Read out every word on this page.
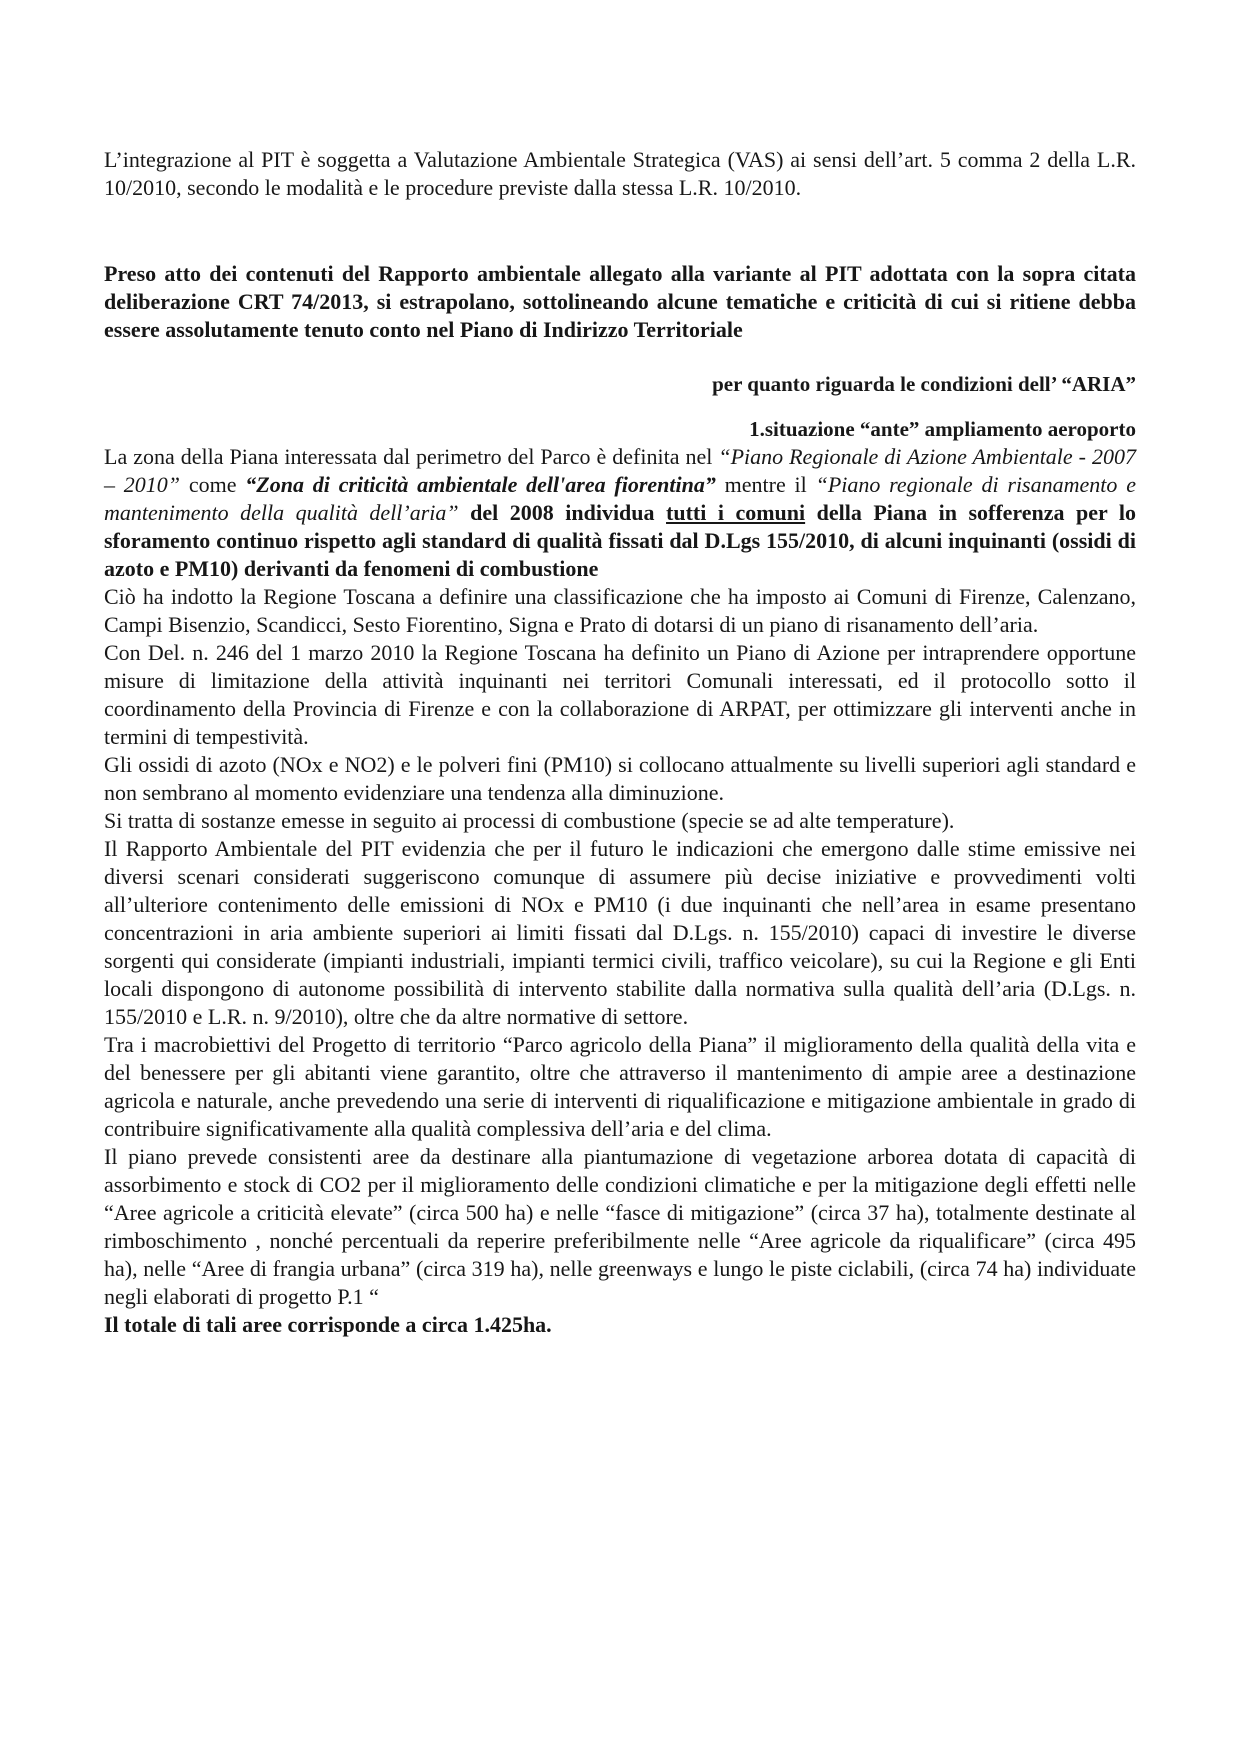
L’integrazione al PIT è soggetta a Valutazione Ambientale Strategica (VAS) ai sensi dell’art. 5 comma 2 della L.R. 10/2010, secondo le modalità e le procedure previste dalla stessa L.R. 10/2010.

Preso atto dei contenuti del Rapporto ambientale allegato alla variante al PIT adottata con la sopra citata deliberazione CRT 74/2013, si estrapolano, sottolineando alcune tematiche e criticità di cui si ritiene debba essere assolutamente tenuto conto nel Piano di Indirizzo Territoriale

per quanto riguarda le condizioni dell’ “ARIA”

1.situazione “ante” ampliamento aeroporto

La zona della Piana interessata dal perimetro del Parco è definita nel “Piano Regionale di Azione Ambientale - 2007 – 2010” come “Zona di criticità ambientale dell'area fiorentina” mentre il “Piano regionale di risanamento e mantenimento della qualità dell’aria” del 2008 individua tutti i comuni della Piana in sofferenza per lo sforamento continuo rispetto agli standard di qualità fissati dal D.Lgs 155/2010, di alcuni inquinanti (ossidi di azoto e PM10) derivanti da fenomeni di combustione

Ciò ha indotto la Regione Toscana a definire una classificazione che ha imposto ai Comuni di Firenze, Calenzano, Campi Bisenzio, Scandicci, Sesto Fiorentino, Signa e Prato di dotarsi di un piano di risanamento dell’aria.

Con Del. n. 246 del 1 marzo 2010 la Regione Toscana ha definito un Piano di Azione per intraprendere opportune misure di limitazione della attività inquinanti nei territori Comunali interessati, ed il protocollo sotto il coordinamento della Provincia di Firenze e con la collaborazione di ARPAT, per ottimizzare gli interventi anche in termini di tempestività.

Gli ossidi di azoto (NOx e NO2) e le polveri fini (PM10) si collocano attualmente su livelli superiori agli standard e non sembrano al momento evidenziare una tendenza alla diminuzione.

Si tratta di sostanze emesse in seguito ai processi di combustione (specie se ad alte temperature).

Il Rapporto Ambientale del PIT evidenzia che per il futuro le indicazioni che emergono dalle stime emissive nei diversi scenari considerati suggeriscono comunque di assumere più decise iniziative e provvedimenti volti all’ulteriore contenimento delle emissioni di NOx e PM10 (i due inquinanti che nell’area in esame presentano concentrazioni in aria ambiente superiori ai limiti fissati dal D.Lgs. n. 155/2010) capaci di investire le diverse sorgenti qui considerate (impianti industriali, impianti termici civili, traffico veicolare), su cui la Regione e gli Enti locali dispongono di autonome possibilità di intervento stabilite dalla normativa sulla qualità dell’aria (D.Lgs. n. 155/2010 e L.R. n. 9/2010), oltre che da altre normative di settore.

Tra i macrobiettivi del Progetto di territorio “Parco agricolo della Piana” il miglioramento della qualità della vita e del benessere per gli abitanti viene garantito, oltre che attraverso il mantenimento di ampie aree a destinazione agricola e naturale, anche prevedendo una serie di interventi di riqualificazione e mitigazione ambientale in grado di contribuire significativamente alla qualità complessiva dell’aria e del clima.

Il piano prevede consistenti aree da destinare alla piantumazione di vegetazione arborea dotata di capacità di assorbimento e stock di CO2 per il miglioramento delle condizioni climatiche e per la mitigazione degli effetti nelle “Aree agricole a criticità elevate” (circa 500 ha) e nelle “fasce di mitigazione” (circa 37 ha), totalmente destinate al rimboschimento , nonché percentuali da reperire preferibilmente nelle “Aree agricole da riqualificare” (circa 495 ha), nelle “Aree di frangia urbana” (circa 319 ha), nelle greenways e lungo le piste ciclabili, (circa 74 ha) individuate negli elaborati di progetto P.1 “

Il totale di tali aree corrisponde a circa 1.425ha.
